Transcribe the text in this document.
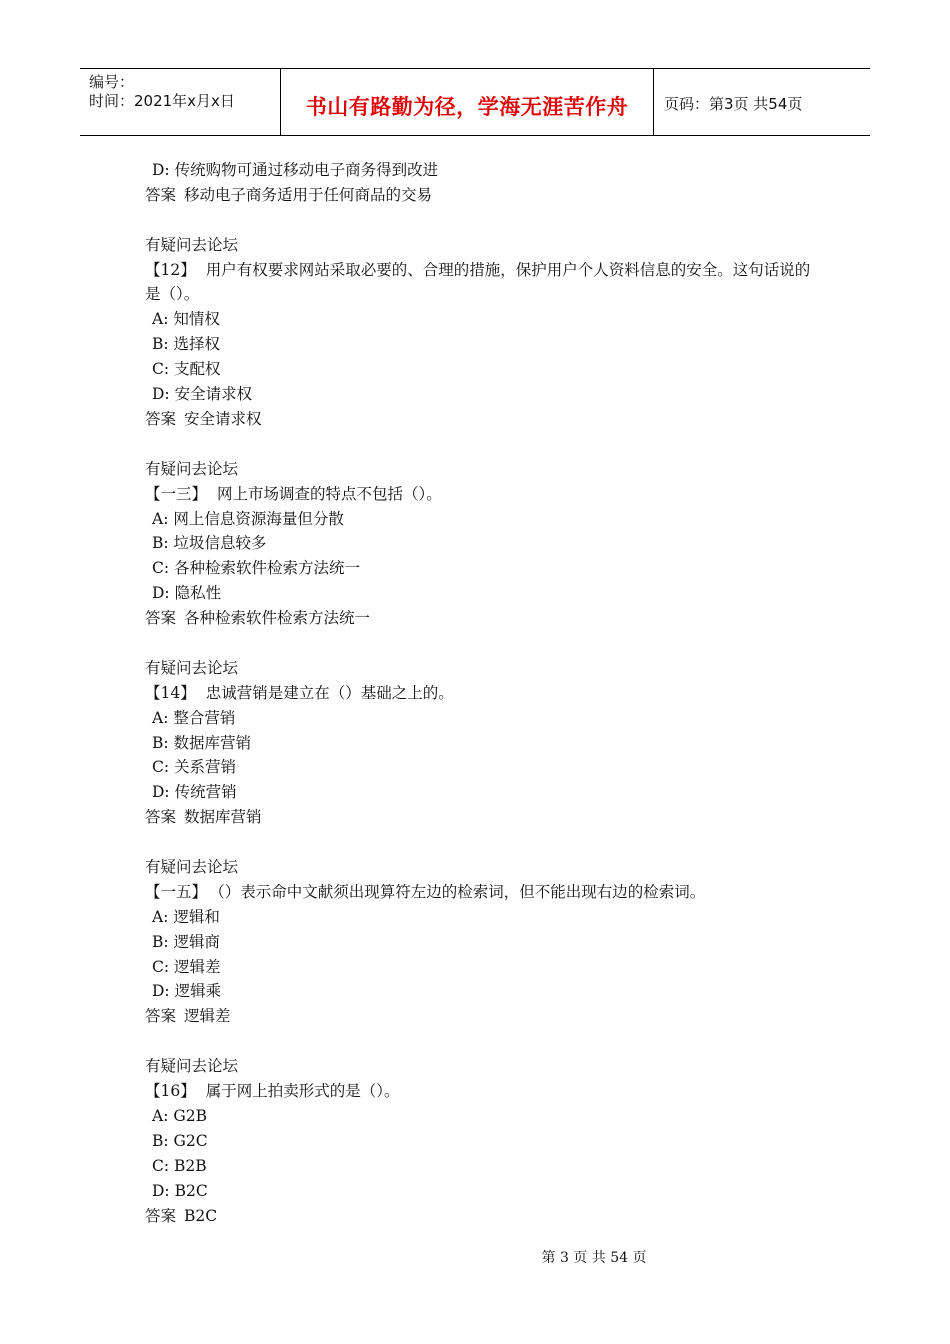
编号：
时间：2021年x月x日	书山有路勤为径，学海无涯苦作舟	页码：第3页 共54页
D: 传统购物可通过移动电子商务得到改进
答案 移动电子商务适用于任何商品的交易
有疑问去论坛
【12】 用户有权要求网站采取必要的、合理的措施，保护用户个人资料信息的安全。这句话说的是（）。
A: 知情权
B: 选择权
C: 支配权
D: 安全请求权
答案 安全请求权
有疑问去论坛
【一三】 网上市场调查的特点不包括（）。
A: 网上信息资源海量但分散
B: 垃圾信息较多
C: 各种检索软件检索方法统一
D: 隐私性
答案 各种检索软件检索方法统一
有疑问去论坛
【14】 忠诚营销是建立在（）基础之上的。
A: 整合营销
B: 数据库营销
C: 关系营销
D: 传统营销
答案 数据库营销
有疑问去论坛
【一五】 （）表示命中文献须出现算符左边的检索词，但不能出现右边的检索词。
A: 逻辑和
B: 逻辑商
C: 逻辑差
D: 逻辑乘
答案 逻辑差
有疑问去论坛
【16】 属于网上拍卖形式的是（）。
A: G2B
B: G2C
C: B2B
D: B2C
答案 B2C
第 3 页 共 54 页
